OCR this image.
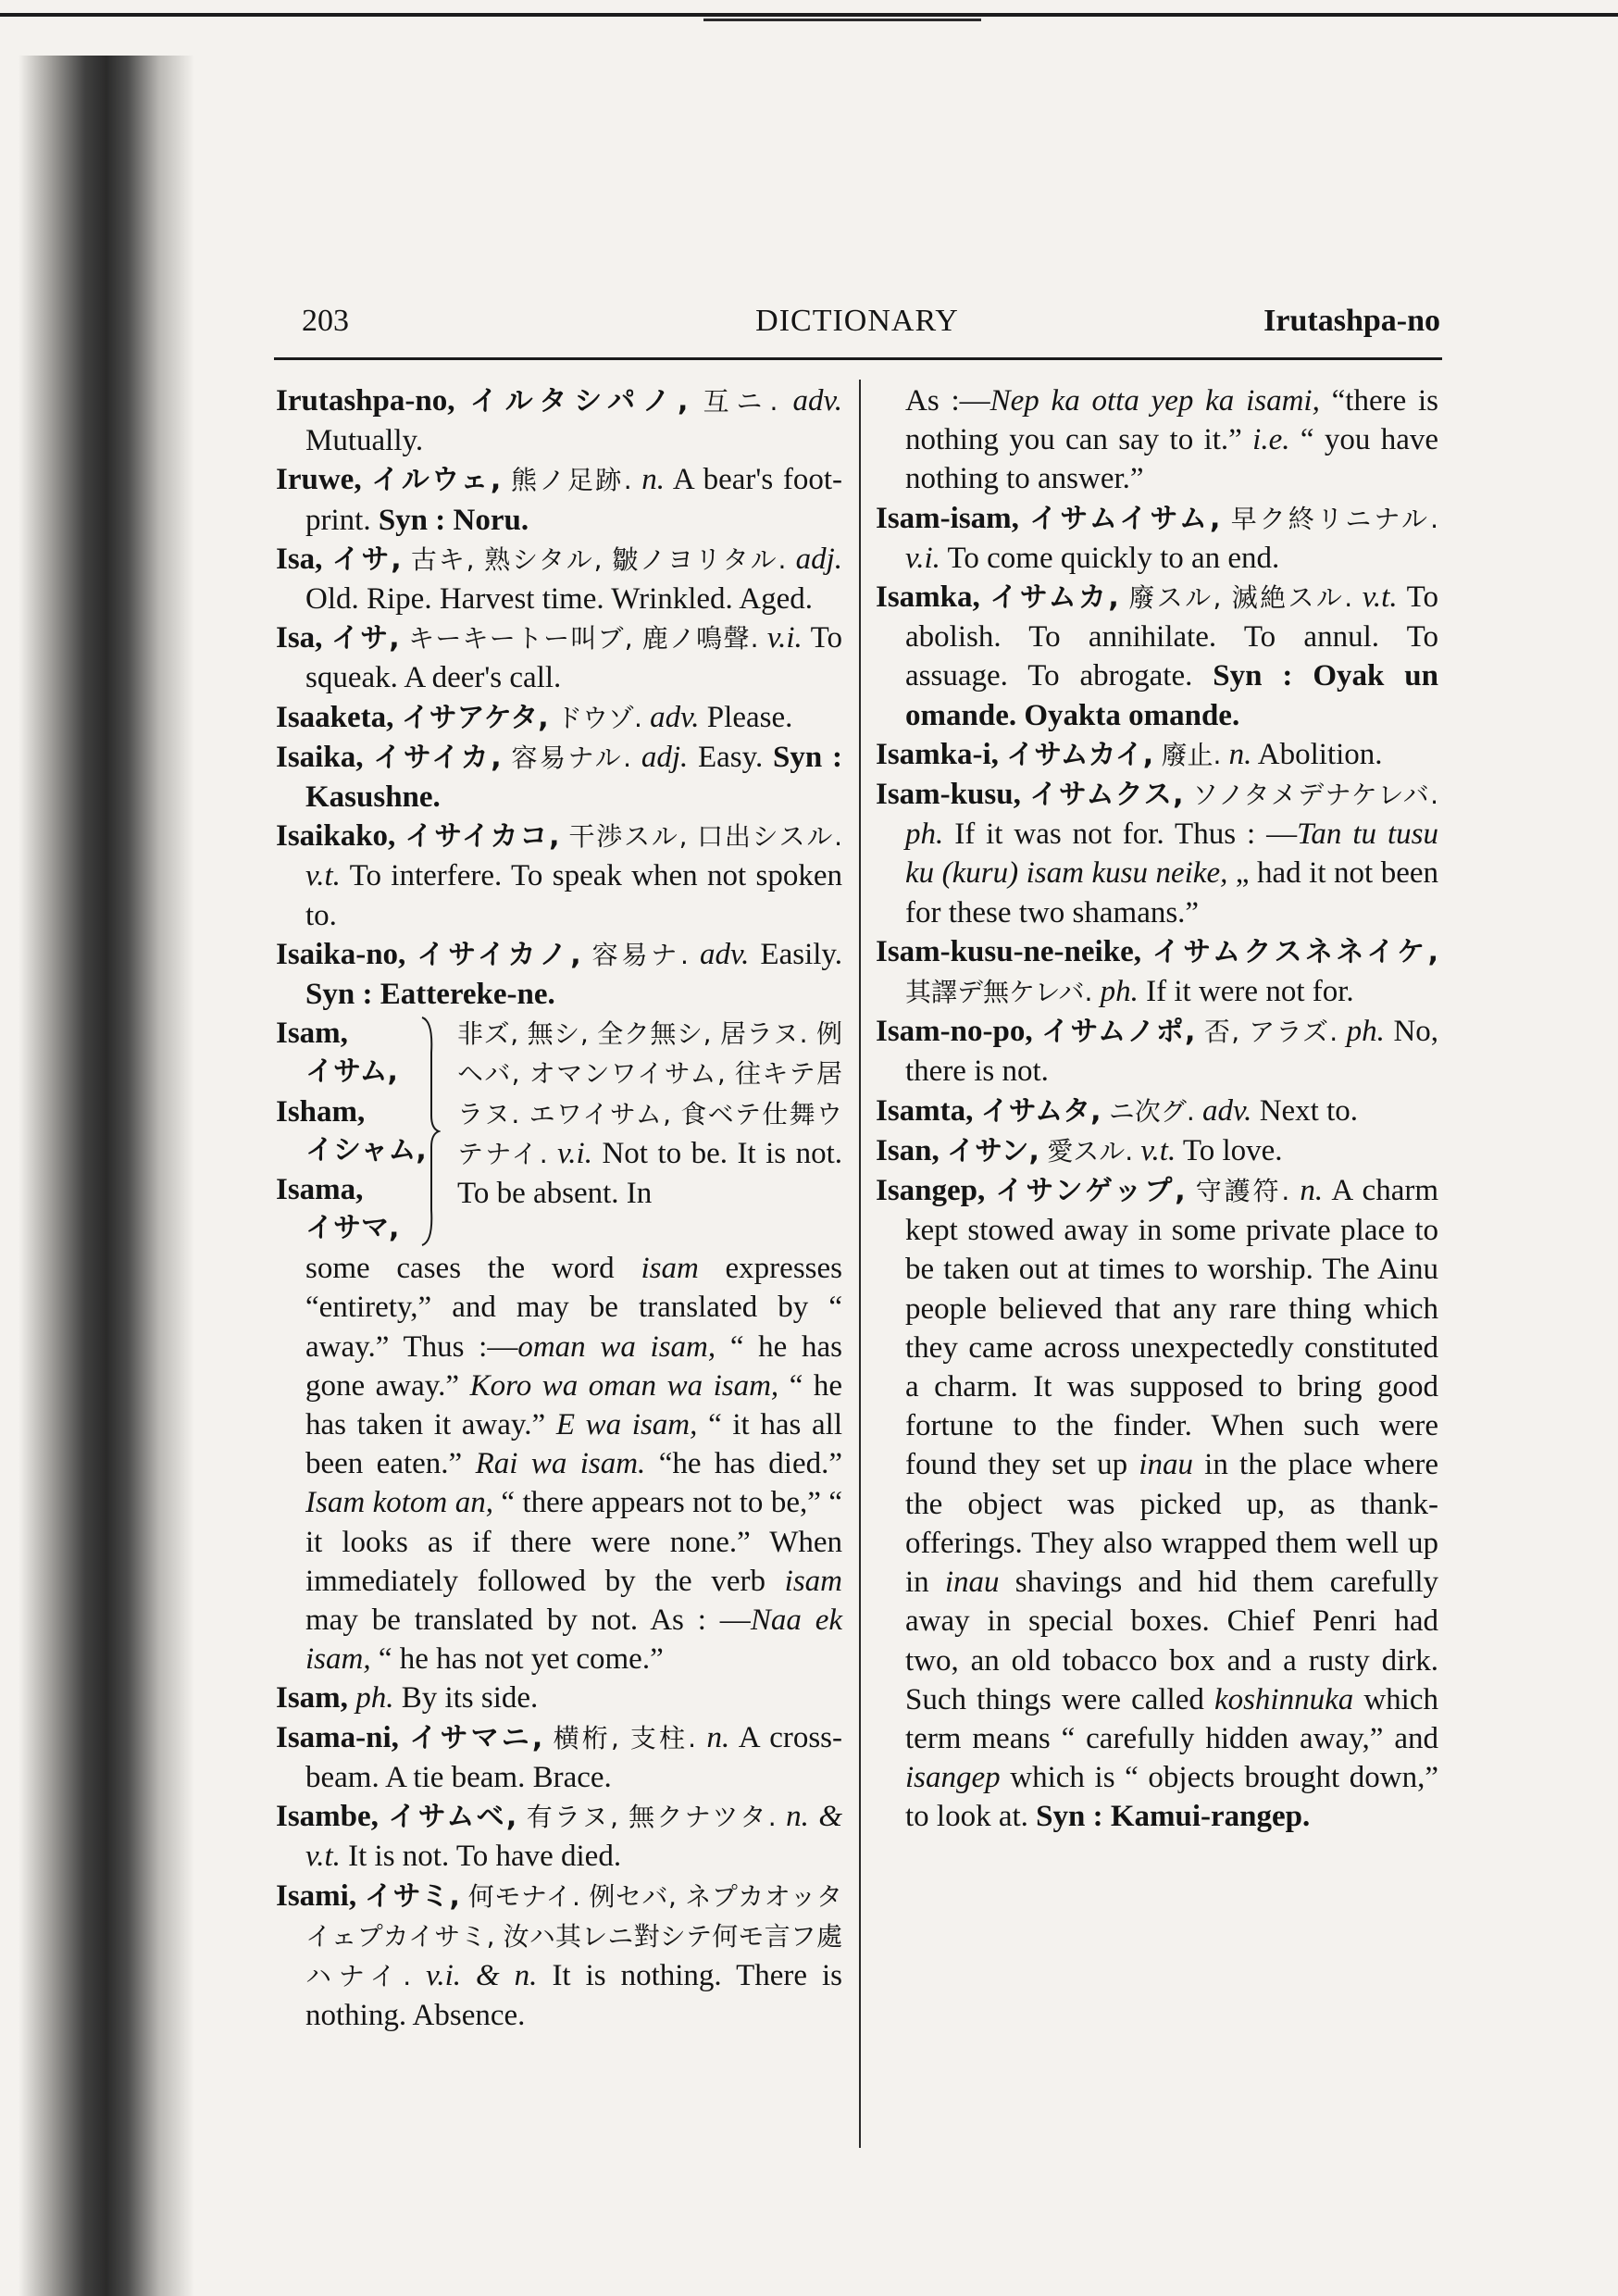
203	DICTIONARY	Irutashpa-no

Irutashpa-no, イルタシパノ, 互ニ. adv. Mutually.

Iruwe, イルウェ, 熊ノ足跡. n. A bear's foot-print. Syn : Noru.

Isa, イサ, 古キ, 熟シタル, 皺ノヨリタル. adj. Old. Ripe. Harvest time. Wrinkled. Aged.

Isa, イサ, キーキートー叫ブ, 鹿ノ鳴聲. v.i. To squeak. A deer's call.

Isaaketa, イサアケタ, ドウゾ. adv. Please.

Isaika, イサイカ, 容易ナル. adj. Easy. Syn : Kasushne.

Isaikako, イサイカコ, 干渉スル, 口出シスル. v.t. To interfere. To speak when not spoken to.

Isaika-no, イサイカノ, 容易ナ. adv. Easily. Syn : Eattereke-ne.

Isam,
イサム,
Isham,
イシャム,
Isama,
イサマ,
非ズ, 無シ, 全ク無シ, 居ラヌ. 例ヘバ, オマンワイサム, 往キテ居ラヌ. エワイサム, 食ベテ仕舞ウテナイ. v.i. Not to be. It is not. To be absent. In

some cases the word isam expresses “entirety,” and may be translated by “ away.” Thus :—oman wa isam, “ he has gone away.” Koro wa oman wa isam, “ he has taken it away.” E wa isam, “ it has all been eaten.” Rai wa isam. “he has died.” Isam kotom an, “ there appears not to be,” “ it looks as if there were none.” When immediately followed by the verb isam may be translated by not. As : —Naa ek isam, “ he has not yet come.”

Isam, ph. By its side.

Isama-ni, イサマニ, 横桁, 支柱. n. A cross-beam. A tie beam. Brace.

Isambe, イサムベ, 有ラヌ, 無クナツタ. n. & v.t. It is not. To have died.

Isami, イサミ, 何モナイ. 例セバ, ネプカオッタイェプカイサミ, 汝ハ其レニ對シテ何モ言フ處ハナイ. v.i. & n. It is nothing. There is nothing. Absence.

As :—Nep ka otta yep ka isami, “there is nothing you can say to it.” i.e. “ you have nothing to answer.”

Isam-isam, イサムイサム, 早ク終リニナル. v.i. To come quickly to an end.

Isamka, イサムカ, 廢スル, 滅絶スル. v.t. To abolish. To annihilate. To annul. To assuage. To abrogate. Syn : Oyak un omande. Oyakta omande.

Isamka-i, イサムカイ, 廢止. n. Abolition.

Isam-kusu, イサムクス, ソノタメデナケレバ. ph. If it was not for. Thus : —Tan tu tusu ku (kuru) isam kusu neike, „ had it not been for these two shamans.”

Isam-kusu-ne-neike, イサムクスネネイケ, 其譯デ無ケレバ. ph. If it were not for.

Isam-no-po, イサムノポ, 否, アラズ. ph. No, there is not.

Isamta, イサムタ, ニ次グ. adv. Next to.

Isan, イサン, 愛スル. v.t. To love.

Isangep, イサンゲップ, 守護符. n. A charm kept stowed away in some private place to be taken out at times to worship. The Ainu people believed that any rare thing which they came across unexpectedly constituted a charm. It was supposed to bring good fortune to the finder. When such were found they set up inau in the place where the object was picked up, as thank-offerings. They also wrapped them well up in inau shavings and hid them carefully away in special boxes. Chief Penri had two, an old tobacco box and a rusty dirk. Such things were called koshinnuka which term means “ carefully hidden away,” and isangep which is “ objects brought down,” to look at. Syn : Kamui-rangep.
